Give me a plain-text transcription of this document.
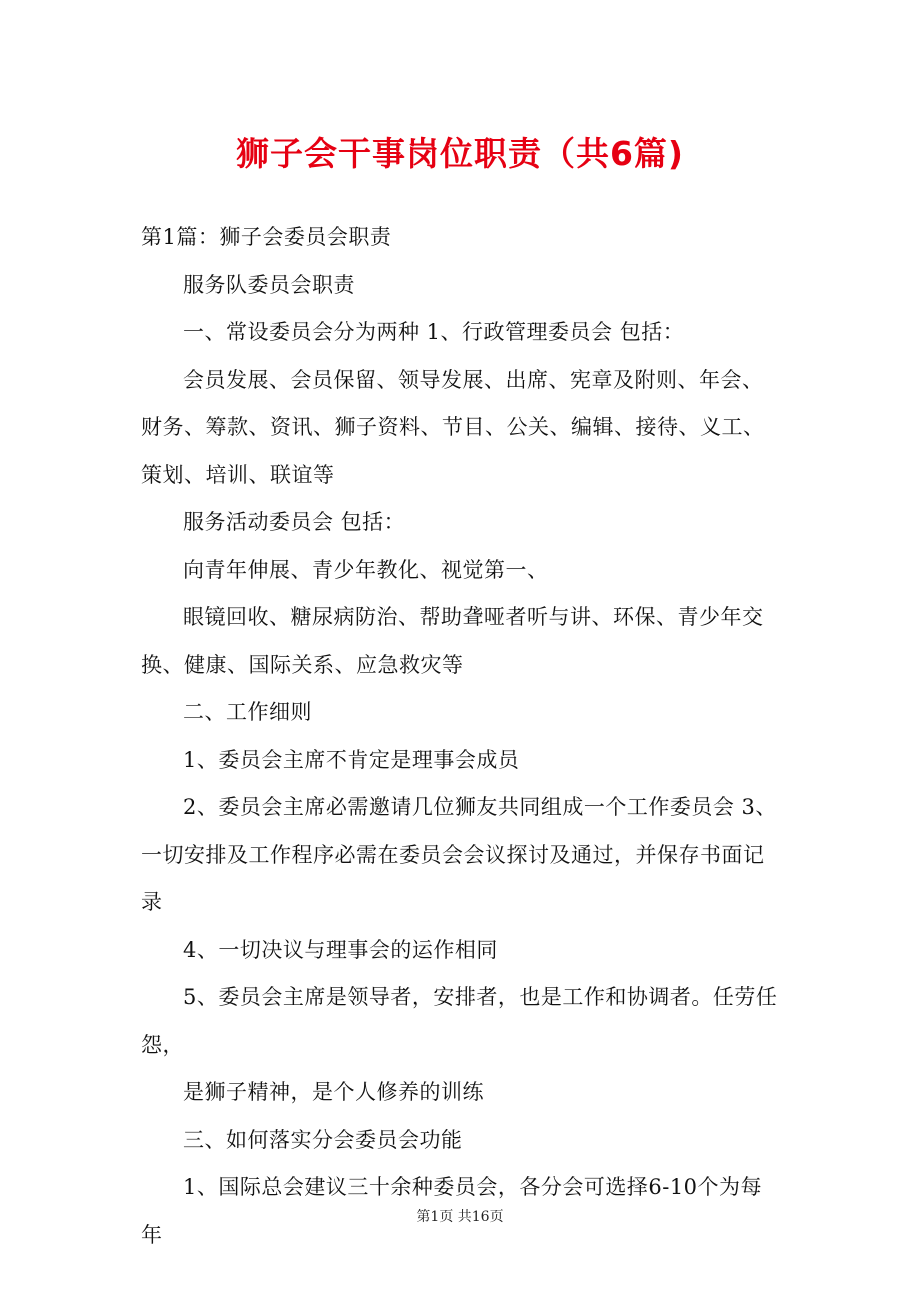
狮子会干事岗位职责（共6篇)

第1篇：狮子会委员会职责

服务队委员会职责

一、常设委员会分为两种 1、行政管理委员会 包括：

会员发展、会员保留、领导发展、出席、宪章及附则、年会、财务、筹款、资讯、狮子资料、节目、公关、编辑、接待、义工、策划、培训、联谊等

服务活动委员会 包括：

向青年伸展、青少年教化、视觉第一、

眼镜回收、糖尿病防治、帮助聋哑者听与讲、环保、青少年交换、健康、国际关系、应急救灾等

二、工作细则

1、委员会主席不肯定是理事会成员

2、委员会主席必需邀请几位狮友共同组成一个工作委员会 3、一切安排及工作程序必需在委员会会议探讨及通过，并保存书面记录

4、一切决议与理事会的运作相同

5、委员会主席是领导者，安排者，也是工作和协调者。任劳任怨，

是狮子精神，是个人修养的训练

三、如何落实分会委员会功能

1、国际总会建议三十余种委员会，各分会可选择6-10个为每年

第1页 共16页
